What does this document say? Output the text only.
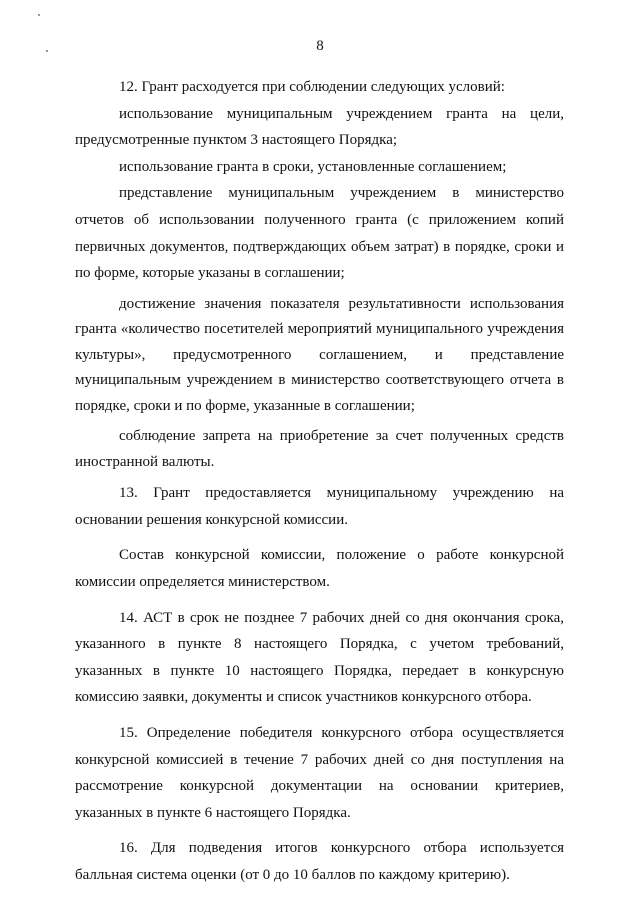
8

12. Грант расходуется при соблюдении следующих условий:

использование муниципальным учреждением гранта на цели, предусмотренные пунктом 3 настоящего Порядка;

использование гранта в сроки, установленные соглашением;

представление муниципальным учреждением в министерство отчетов об использовании полученного гранта (с приложением копий первичных документов, подтверждающих объем затрат) в порядке, сроки и по форме, которые указаны в соглашении;

достижение значения показателя результативности использования гранта «количество посетителей мероприятий муниципального учреждения культуры», предусмотренного соглашением, и представление муниципальным учреждением в министерство соответствующего отчета в порядке, сроки и по форме, указанные в соглашении;

соблюдение запрета на приобретение за счет полученных средств иностранной валюты.

13. Грант предоставляется муниципальному учреждению на основании решения конкурсной комиссии.

Состав конкурсной комиссии, положение о работе конкурсной комиссии определяется министерством.

14. АСТ в срок не позднее 7 рабочих дней со дня окончания срока, указанного в пункте 8 настоящего Порядка, с учетом требований, указанных в пункте 10 настоящего Порядка, передает в конкурсную комиссию заявки, документы и список участников конкурсного отбора.

15. Определение победителя конкурсного отбора осуществляется конкурсной комиссией в течение 7 рабочих дней со дня поступления на рассмотрение конкурсной документации на основании критериев, указанных в пункте 6 настоящего Порядка.

16. Для подведения итогов конкурсного отбора используется балльная система оценки (от 0 до 10 баллов по каждому критерию).
